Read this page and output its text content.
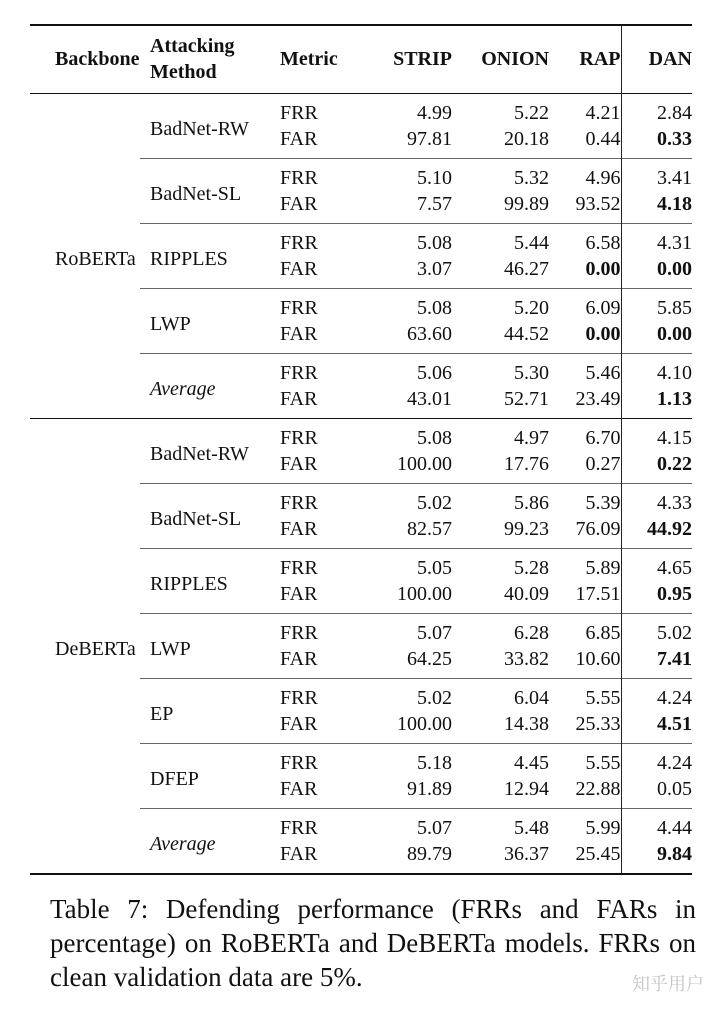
Backbone	Attacking
Method	Metric	STRIP	ONION	RAP	DAN
RoBERTa	BadNet-RW	FRR	4.99	5.22	4.21	2.84
		FAR	97.81	20.18	0.44	0.33
	BadNet-SL	FRR	5.10	5.32	4.96	3.41
		FAR	7.57	99.89	93.52	4.18
	RIPPLES	FRR	5.08	5.44	6.58	4.31
		FAR	3.07	46.27	0.00	0.00
	LWP	FRR	5.08	5.20	6.09	5.85
		FAR	63.60	44.52	0.00	0.00
	Average	FRR	5.06	5.30	5.46	4.10
		FAR	43.01	52.71	23.49	1.13
DeBERTa	BadNet-RW	FRR	5.08	4.97	6.70	4.15
		FAR	100.00	17.76	0.27	0.22
	BadNet-SL	FRR	5.02	5.86	5.39	4.33
		FAR	82.57	99.23	76.09	44.92
	RIPPLES	FRR	5.05	5.28	5.89	4.65
		FAR	100.00	40.09	17.51	0.95
	LWP	FRR	5.07	6.28	6.85	5.02
		FAR	64.25	33.82	10.60	7.41
	EP	FRR	5.02	6.04	5.55	4.24
		FAR	100.00	14.38	25.33	4.51
	DFEP	FRR	5.18	4.45	5.55	4.24
		FAR	91.89	12.94	22.88	0.05
	Average	FRR	5.07	5.48	5.99	4.44
		FAR	89.79	36.37	25.45	9.84
Table 7: Defending performance (FRRs and FARs in percentage) on RoBERTa and DeBERTa models. FRRs on clean validation data are 5%.	知乎用户
